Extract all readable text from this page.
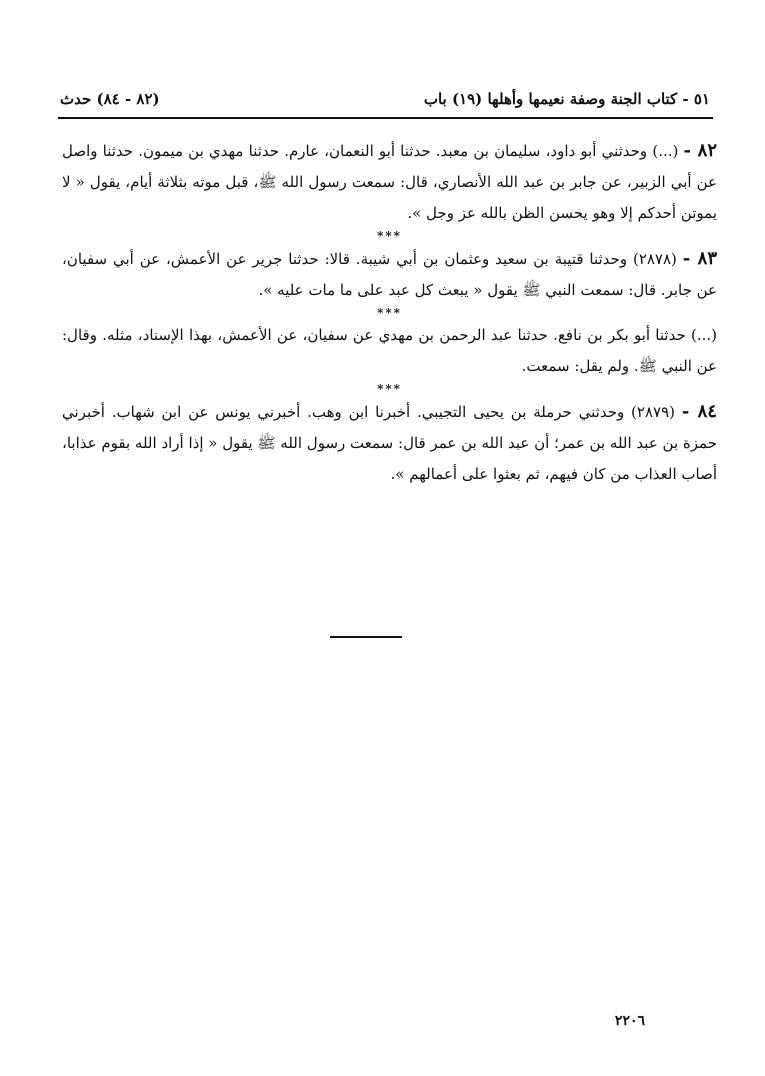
٥١ - كتاب الجنة وصفة نعيمها وأهلها (١٩) باب
(٨٢ - ٨٤) حدث

٨٢ - (...) وحدثني أبو داود، سليمان بن معبد. حدثنا أبو النعمان، عارم. حدثنا مهدي بن ميمون. حدثنا واصل عن أبي الزبير، عن جابر بن عبد الله الأنصاري، قال: سمعت رسول الله ﷺ، قبل موته بثلاثة أيام، يقول « لا يموتن أحدكم إلا وهو يحسن الظن بالله عز وجل ».

***

٨٣ - (٢٨٧٨) وحدثنا قتيبة بن سعيد وعثمان بن أبي شيبة. قالا: حدثنا جرير عن الأعمش، عن أبي سفيان، عن جابر. قال: سمعت النبي ﷺ يقول « يبعث كل عبد على ما مات عليه ».

***

(...) حدثنا أبو بكر بن نافع. حدثنا عبد الرحمن بن مهدي عن سفيان، عن الأعمش، بهذا الإسناد، مثله. وقال: عن النبي ﷺ. ولم يقل: سمعت.

***

٨٤ - (٢٨٧٩) وحدثني حرملة بن يحيى التجيبي. أخبرنا ابن وهب. أخبرني يونس عن ابن شهاب. أخبرني حمزة بن عبد الله بن عمر؛ أن عبد الله بن عمر قال: سمعت رسول الله ﷺ يقول « إذا أراد الله بقوم عذابا، أصاب العذاب من كان فيهم، ثم بعثوا على أعمالهم ».

٢٢٠٦
